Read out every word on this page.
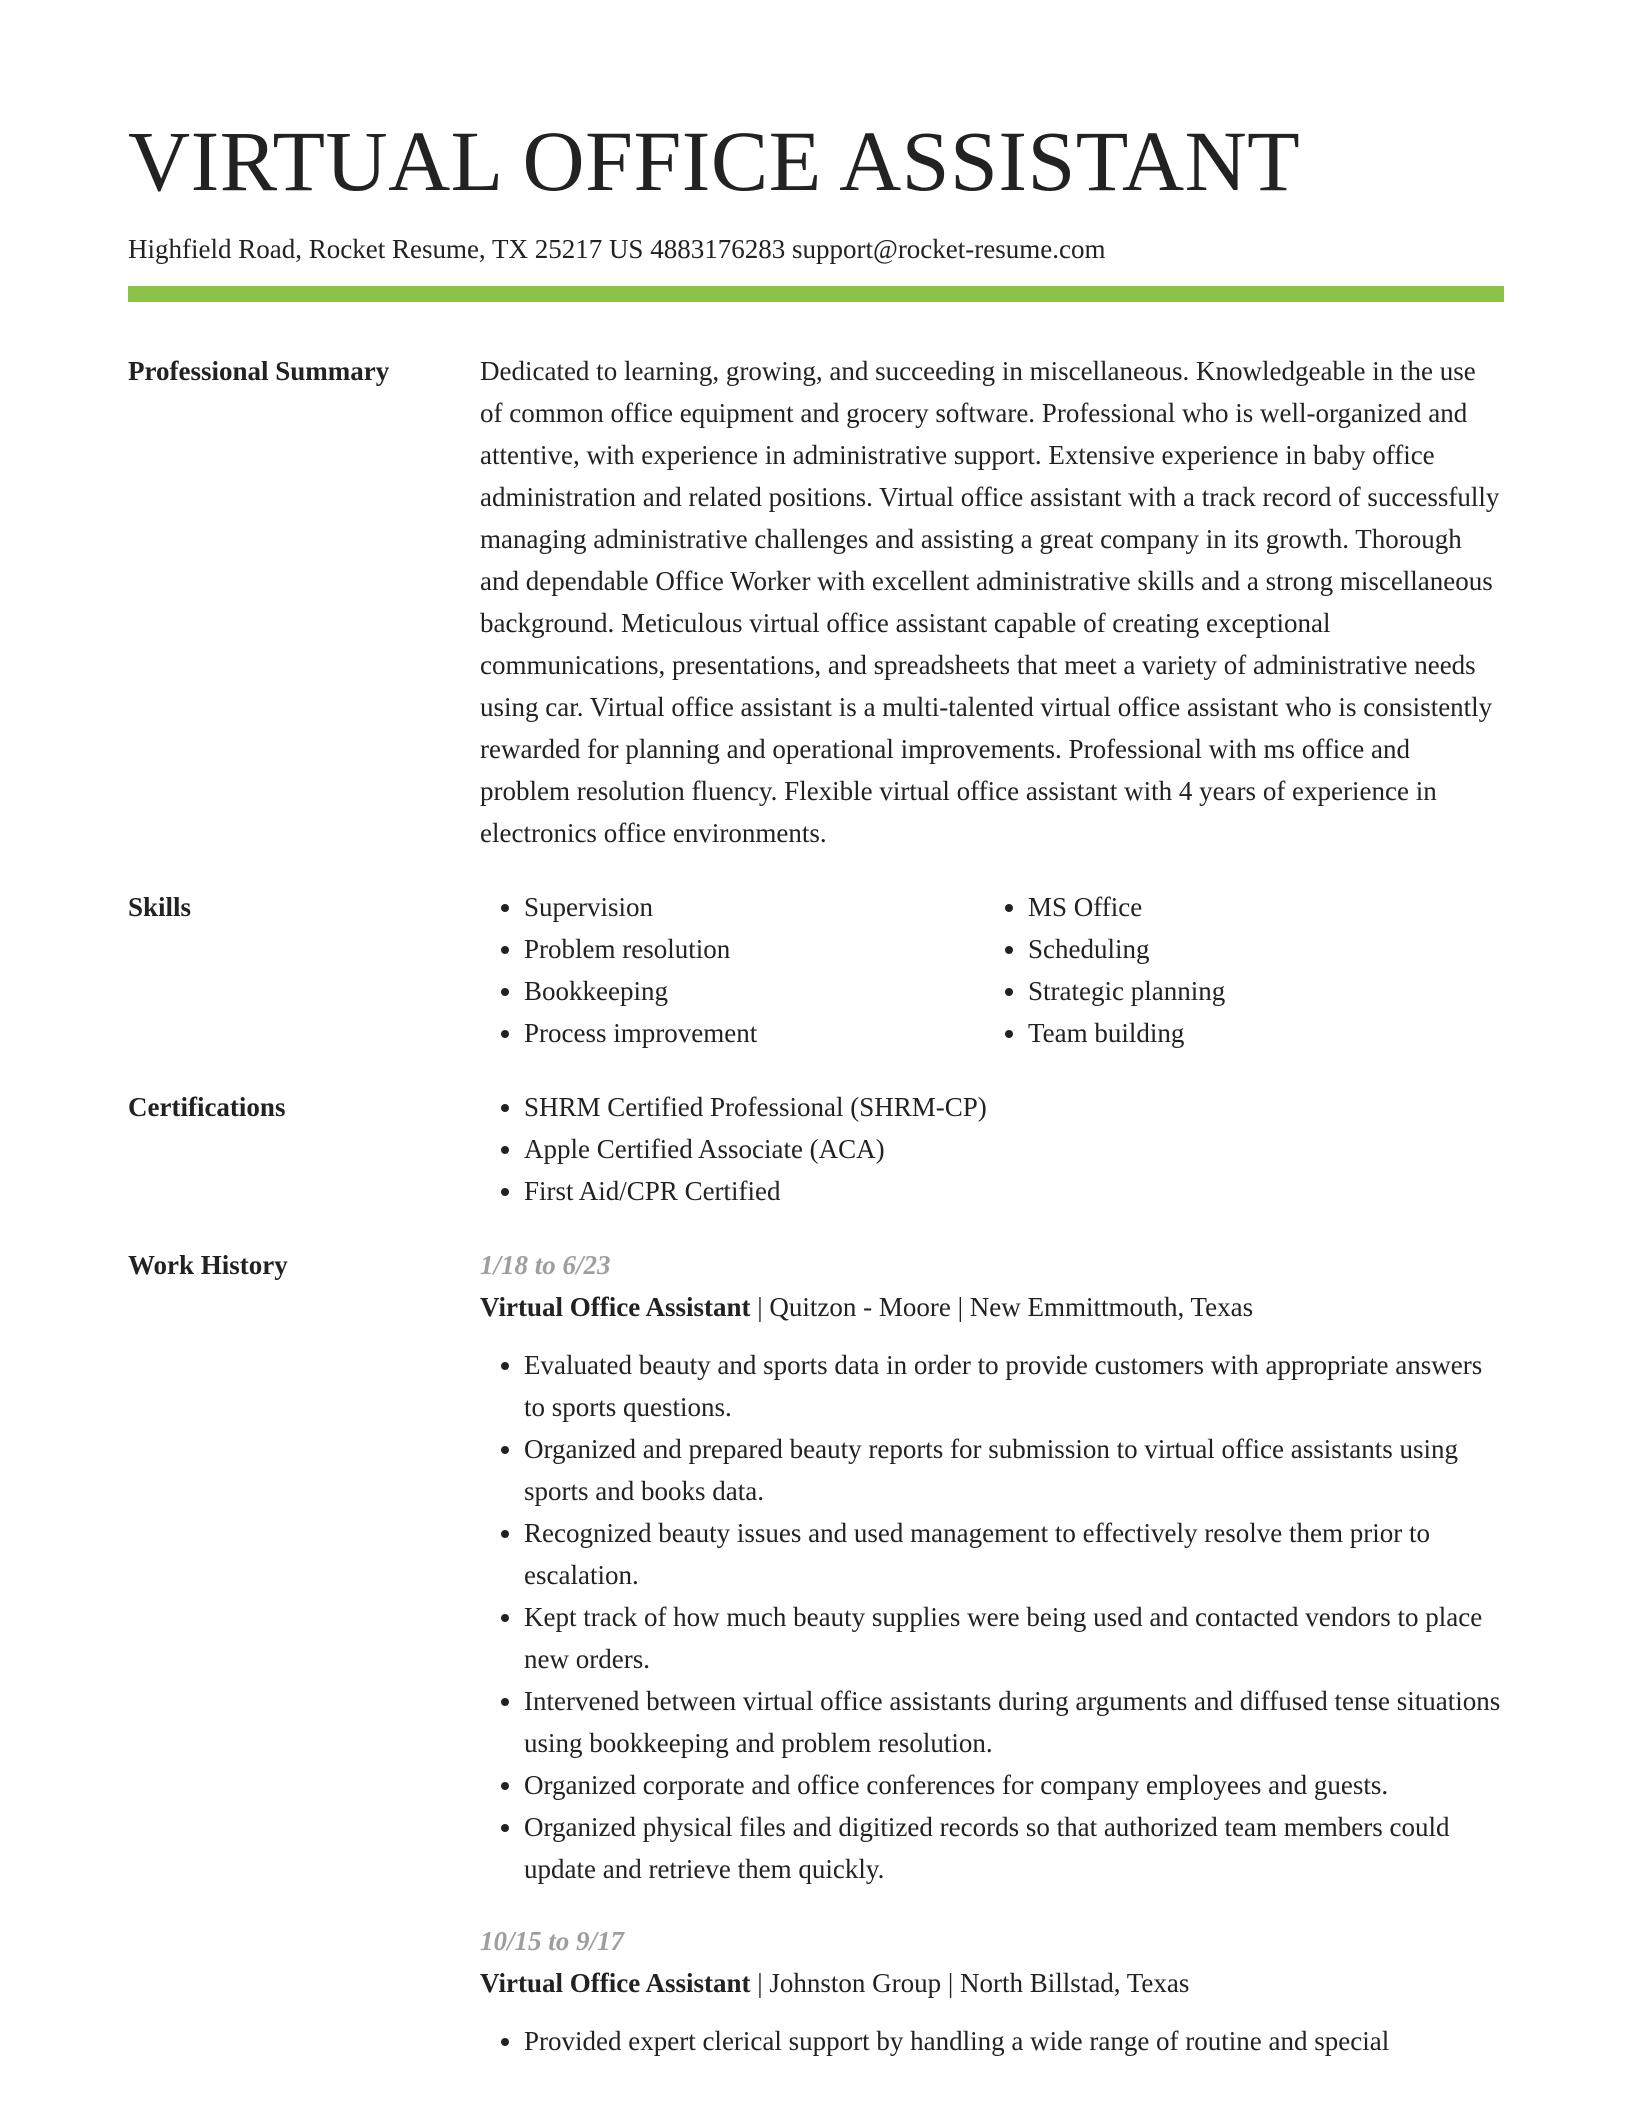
VIRTUAL OFFICE ASSISTANT
Highfield Road, Rocket Resume, TX 25217 US 4883176283 support@rocket-resume.com
Professional Summary	Dedicated to learning, growing, and succeeding in miscellaneous. Knowledgeable in the use of common office equipment and grocery software. Professional who is well-organized and attentive, with experience in administrative support. Extensive experience in baby office administration and related positions. Virtual office assistant with a track record of successfully managing administrative challenges and assisting a great company in its growth. Thorough and dependable Office Worker with excellent administrative skills and a strong miscellaneous background. Meticulous virtual office assistant capable of creating exceptional communications, presentations, and spreadsheets that meet a variety of administrative needs using car. Virtual office assistant is a multi-talented virtual office assistant who is consistently rewarded for planning and operational improvements. Professional with ms office and problem resolution fluency. Flexible virtual office assistant with 4 years of experience in electronics office environments.

Skills	• Supervision
• Problem resolution
• Bookkeeping
• Process improvement
• MS Office
• Scheduling
• Strategic planning
• Team building
Certifications	• SHRM Certified Professional (SHRM-CP)
• Apple Certified Associate (ACA)
• First Aid/CPR Certified
Work History	1/18 to 6/23
Virtual Office Assistant | Quitzon - Moore | New Emmittmouth, Texas
• Evaluated beauty and sports data in order to provide customers with appropriate answers to sports questions.
• Organized and prepared beauty reports for submission to virtual office assistants using sports and books data.
• Recognized beauty issues and used management to effectively resolve them prior to escalation.
• Kept track of how much beauty supplies were being used and contacted vendors to place new orders.
• Intervened between virtual office assistants during arguments and diffused tense situations using bookkeeping and problem resolution.
• Organized corporate and office conferences for company employees and guests.
• Organized physical files and digitized records so that authorized team members could update and retrieve them quickly.
10/15 to 9/17
Virtual Office Assistant | Johnston Group | North Billstad, Texas
• Provided expert clerical support by handling a wide range of routine and special
